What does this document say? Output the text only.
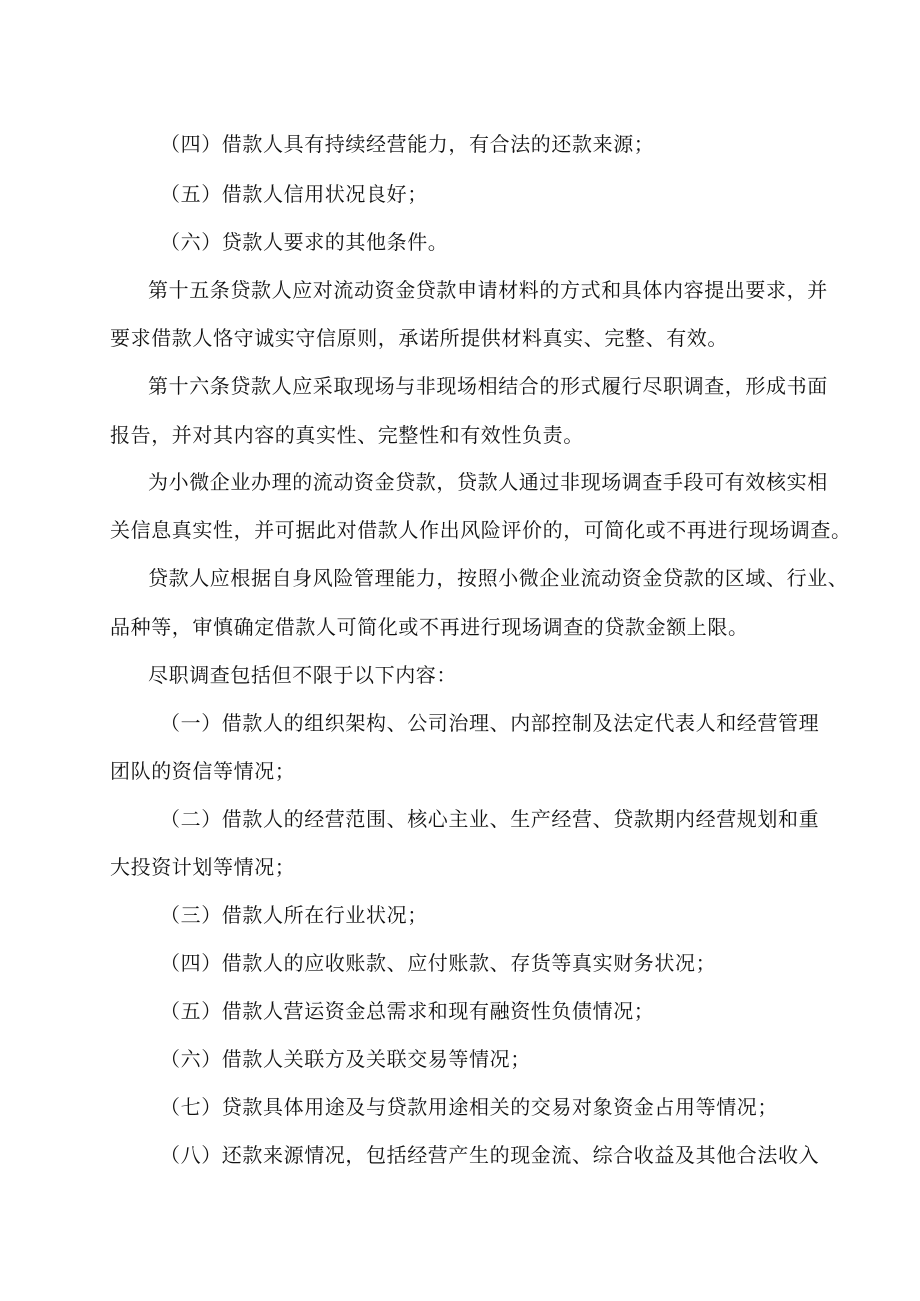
（四）借款人具有持续经营能力，有合法的还款来源；
（五）借款人信用状况良好；
（六）贷款人要求的其他条件。
第十五条贷款人应对流动资金贷款申请材料的方式和具体内容提出要求，并
要求借款人恪守诚实守信原则，承诺所提供材料真实、完整、有效。
第十六条贷款人应采取现场与非现场相结合的形式履行尽职调查，形成书面
报告，并对其内容的真实性、完整性和有效性负责。
为小微企业办理的流动资金贷款，贷款人通过非现场调查手段可有效核实相
关信息真实性，并可据此对借款人作出风险评价的，可简化或不再进行现场调查。
贷款人应根据自身风险管理能力，按照小微企业流动资金贷款的区域、行业、
品种等，审慎确定借款人可简化或不再进行现场调查的贷款金额上限。
尽职调查包括但不限于以下内容：
（一）借款人的组织架构、公司治理、内部控制及法定代表人和经营管理
团队的资信等情况；
（二）借款人的经营范围、核心主业、生产经营、贷款期内经营规划和重
大投资计划等情况；
（三）借款人所在行业状况；
（四）借款人的应收账款、应付账款、存货等真实财务状况；
（五）借款人营运资金总需求和现有融资性负债情况；
（六）借款人关联方及关联交易等情况；
（七）贷款具体用途及与贷款用途相关的交易对象资金占用等情况；
（八）还款来源情况，包括经营产生的现金流、综合收益及其他合法收入
